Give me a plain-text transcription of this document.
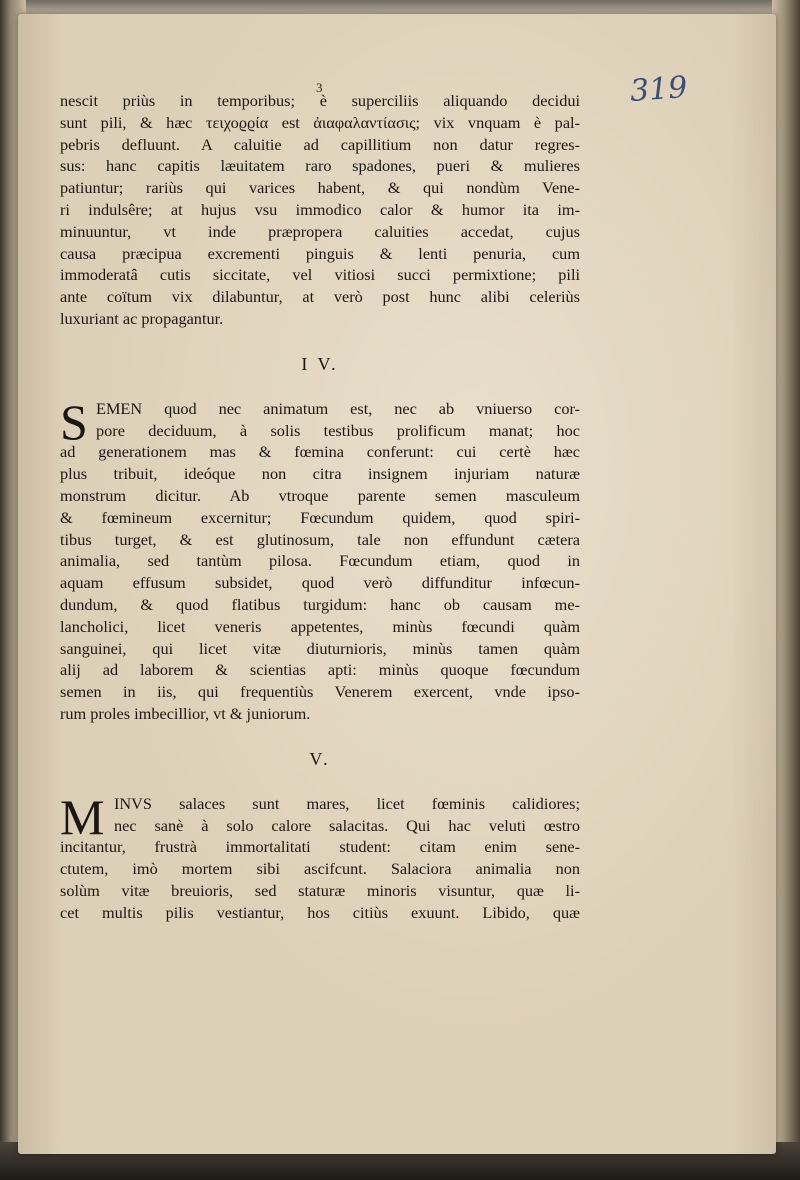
3	319
nescit priùs in temporibus; è superciliis aliquando decidui
sunt pili, & hæc τειχοϱϱία est ἀιαφαλαντίασις; vix vnquam è pal-
pebris defluunt. A caluitie ad capillitium non datur regres-
sus: hanc capitis læuitatem raro spadones, pueri & mulieres
patiuntur; rariùs qui varices habent, & qui nondùm Vene-
ri indulsêre; at hujus vsu immodico calor & humor ita im-
minuuntur, vt inde præpropera caluities accedat, cujus
causa præcipua excrementi pinguis & lenti penuria, cum
immoderatâ cutis siccitate, vel vitiosi succi permixtione; pili
ante coïtum vix dilabuntur, at verò post hunc alibi celeriùs
luxuriant ac propagantur.
I V.
S EMEN quod nec animatum est, nec ab vniuerso cor-
pore deciduum, à solis testibus prolificum manat; hoc
ad generationem mas & fœmina conferunt: cui certè hæc
plus tribuit, ideóque non citra insignem injuriam naturæ
monstrum dicitur. Ab vtroque parente semen masculeum
& fœmineum excernitur; Fœcundum quidem, quod spiri-
tibus turget, & est glutinosum, tale non effundunt cætera
animalia, sed tantùm pilosa. Fœcundum etiam, quod in
aquam effusum subsidet, quod verò diffunditur infœcun-
dundum, & quod flatibus turgidum: hanc ob causam me-
lancholici, licet veneris appetentes, minùs fœcundi quàm
sanguinei, qui licet vitæ diuturnioris, minùs tamen quàm
alij ad laborem & scientias apti: minùs quoque fœcundum
semen in iis, qui frequentiùs Venerem exercent, vnde ipso-
rum proles imbecillior, vt & juniorum.
V.
M INVS salaces sunt mares, licet fœminis calidiores;
nec sanè à solo calore salacitas. Qui hac veluti œstro
incitantur, frustrà immortalitati student: citam enim sene-
ctutem, imò mortem sibi ascifcunt. Salaciora animalia non
solùm vitæ breuioris, sed staturæ minoris visuntur, quæ li-
cet multis pilis vestiantur, hos citiùs exuunt. Libido, quæ
